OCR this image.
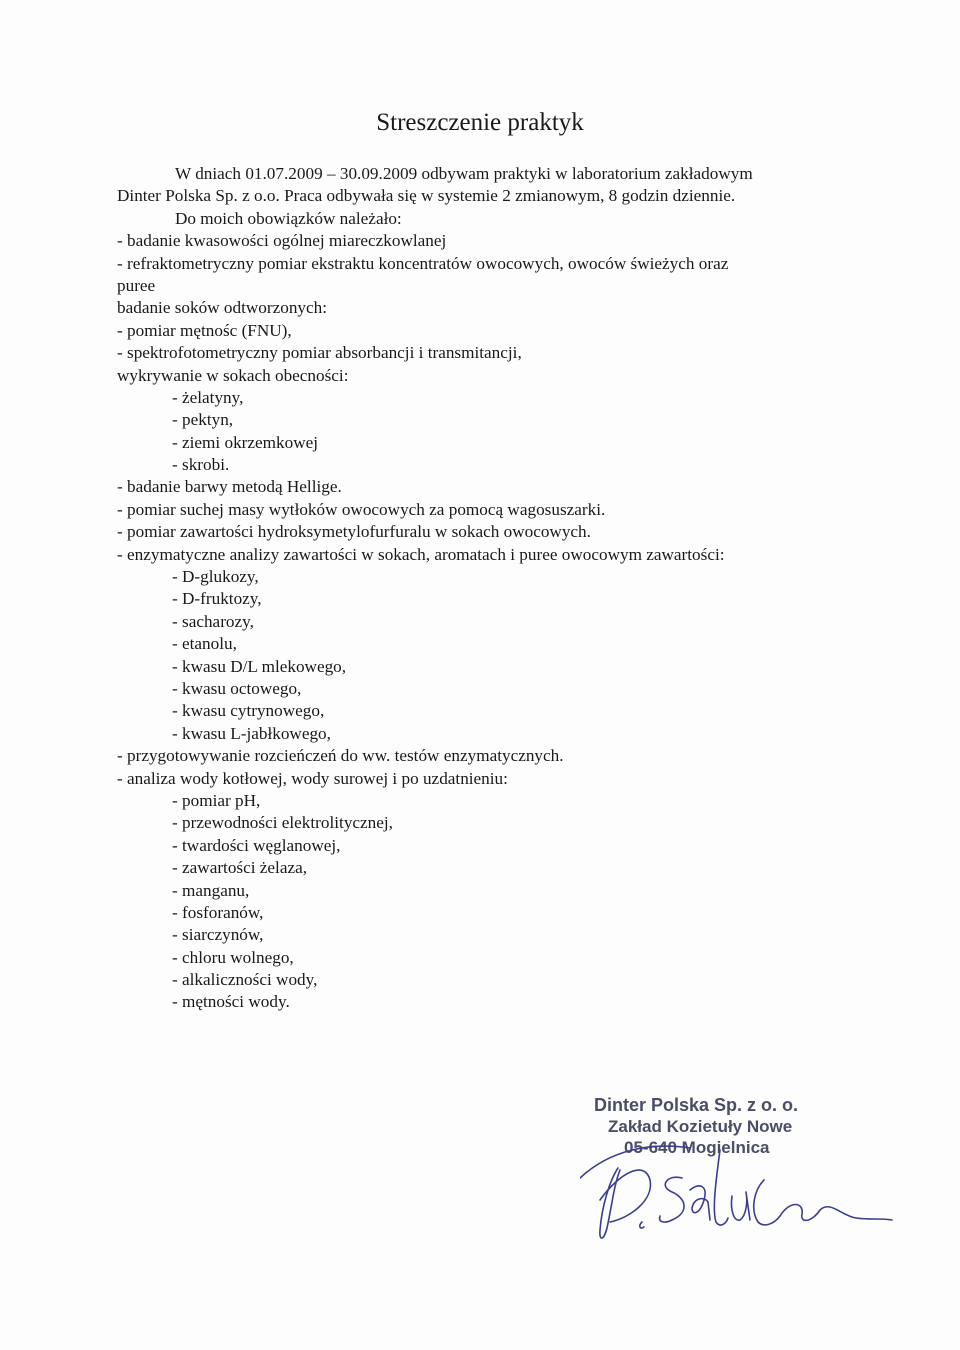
Streszczenie praktyk
W dniach 01.07.2009 – 30.09.2009 odbywam praktyki w laboratorium zakładowym
Dinter Polska Sp. z o.o. Praca odbywała się w systemie 2 zmianowym, 8 godzin dziennie.
Do moich obowiązków należało:
- badanie kwasowości ogólnej miareczkowlanej
- refraktometryczny pomiar ekstraktu koncentratów owocowych, owoców świeżych oraz
puree
badanie soków odtworzonych:
- pomiar mętnośc (FNU),
- spektrofotometryczny pomiar absorbancji i transmitancji,
wykrywanie w sokach obecności:
- żelatyny,
- pektyn,
- ziemi okrzemkowej
- skrobi.
- badanie barwy metodą Hellige.
- pomiar suchej masy wytłoków owocowych za pomocą wagosuszarki.
- pomiar zawartości hydroksymetylofurfuralu w sokach owocowych.
- enzymatyczne analizy zawartości w sokach, aromatach i puree owocowym zawartości:
- D-glukozy,
- D-fruktozy,
- sacharozy,
- etanolu,
- kwasu D/L mlekowego,
- kwasu octowego,
- kwasu cytrynowego,
- kwasu L-jabłkowego,
- przygotowywanie rozcieńczeń do ww. testów enzymatycznych.
- analiza wody kotłowej, wody surowej i po uzdatnieniu:
- pomiar pH,
- przewodności elektrolitycznej,
- twardości węglanowej,
- zawartości żelaza,
- manganu,
- fosforanów,
- siarczynów,
- chloru wolnego,
- alkaliczności wody,
- mętności wody.
Dinter Polska Sp. z o. o.
Zakład Kozietuły Nowe
05-640 Mogielnica
